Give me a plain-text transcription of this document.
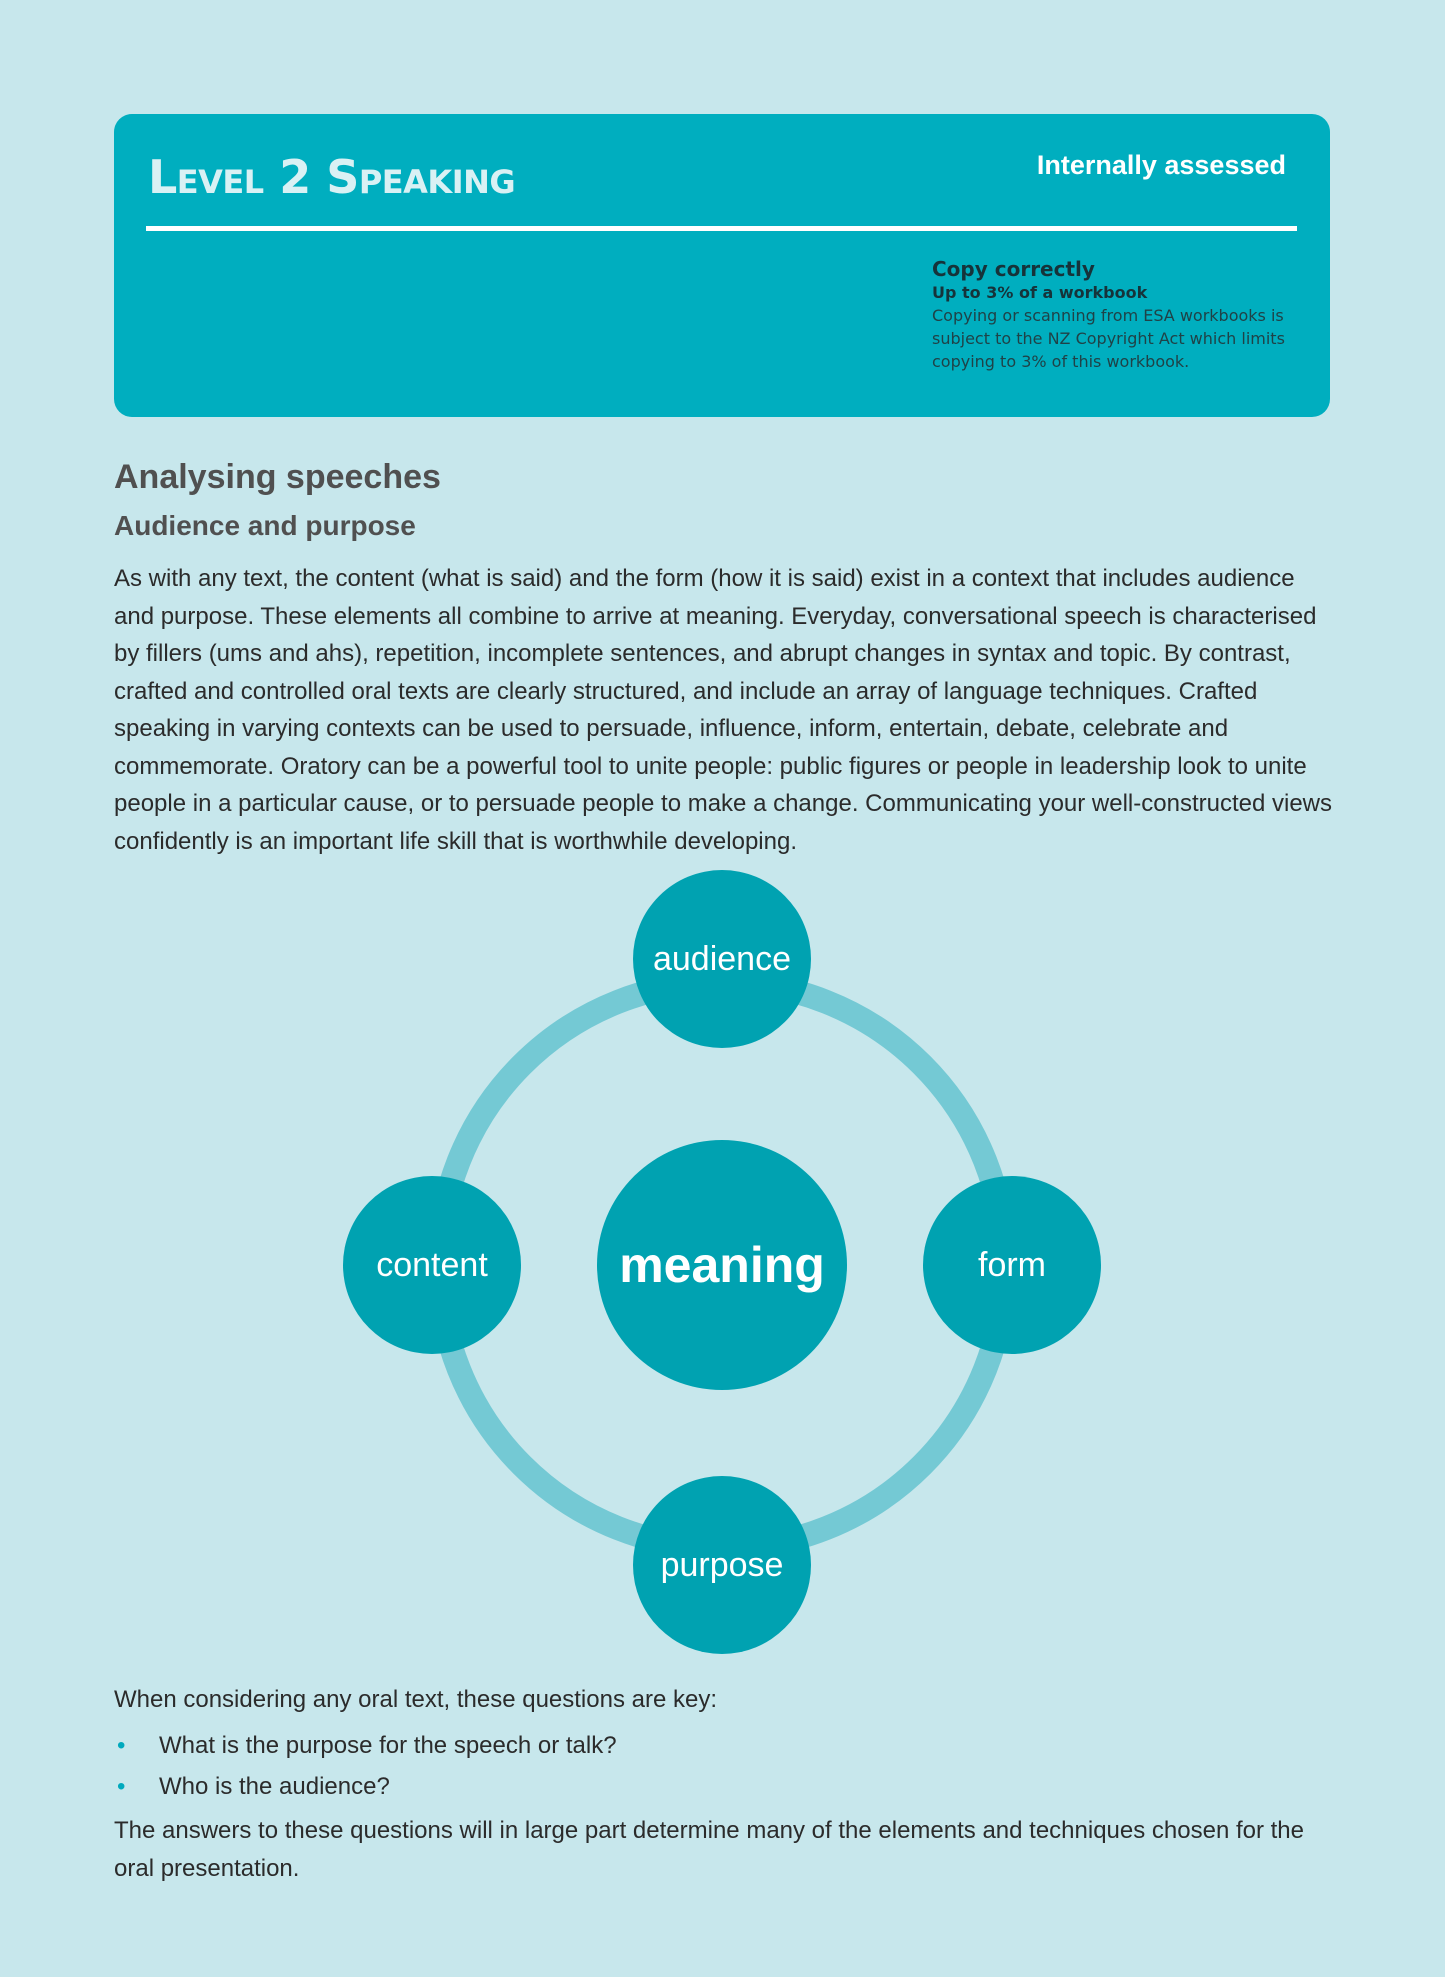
Level 2 Speaking	Internally assessed
Copy correctly
Up to 3% of a workbook
Copying or scanning from ESA workbooks is subject to the NZ Copyright Act which limits copying to 3% of this workbook.
Analysing speeches
Audience and purpose

As with any text, the content (what is said) and the form (how it is said) exist in a context that includes audience and purpose. These elements all combine to arrive at meaning. Everyday, conversational speech is characterised by fillers (ums and ahs), repetition, incomplete sentences, and abrupt changes in syntax and topic. By contrast, crafted and controlled oral texts are clearly structured, and include an array of language techniques. Crafted speaking in varying contexts can be used to persuade, influence, inform, entertain, debate, celebrate and commemorate. Oratory can be a powerful tool to unite people: public figures or people in leadership look to unite people in a particular cause, or to persuade people to make a change. Communicating your well-constructed views confidently is an important life skill that is worthwhile developing.

audience
content	meaning	form
purpose

When considering any oral text, these questions are key:

• What is the purpose for the speech or talk?
• Who is the audience?

The answers to these questions will in large part determine many of the elements and techniques chosen for the oral presentation.
